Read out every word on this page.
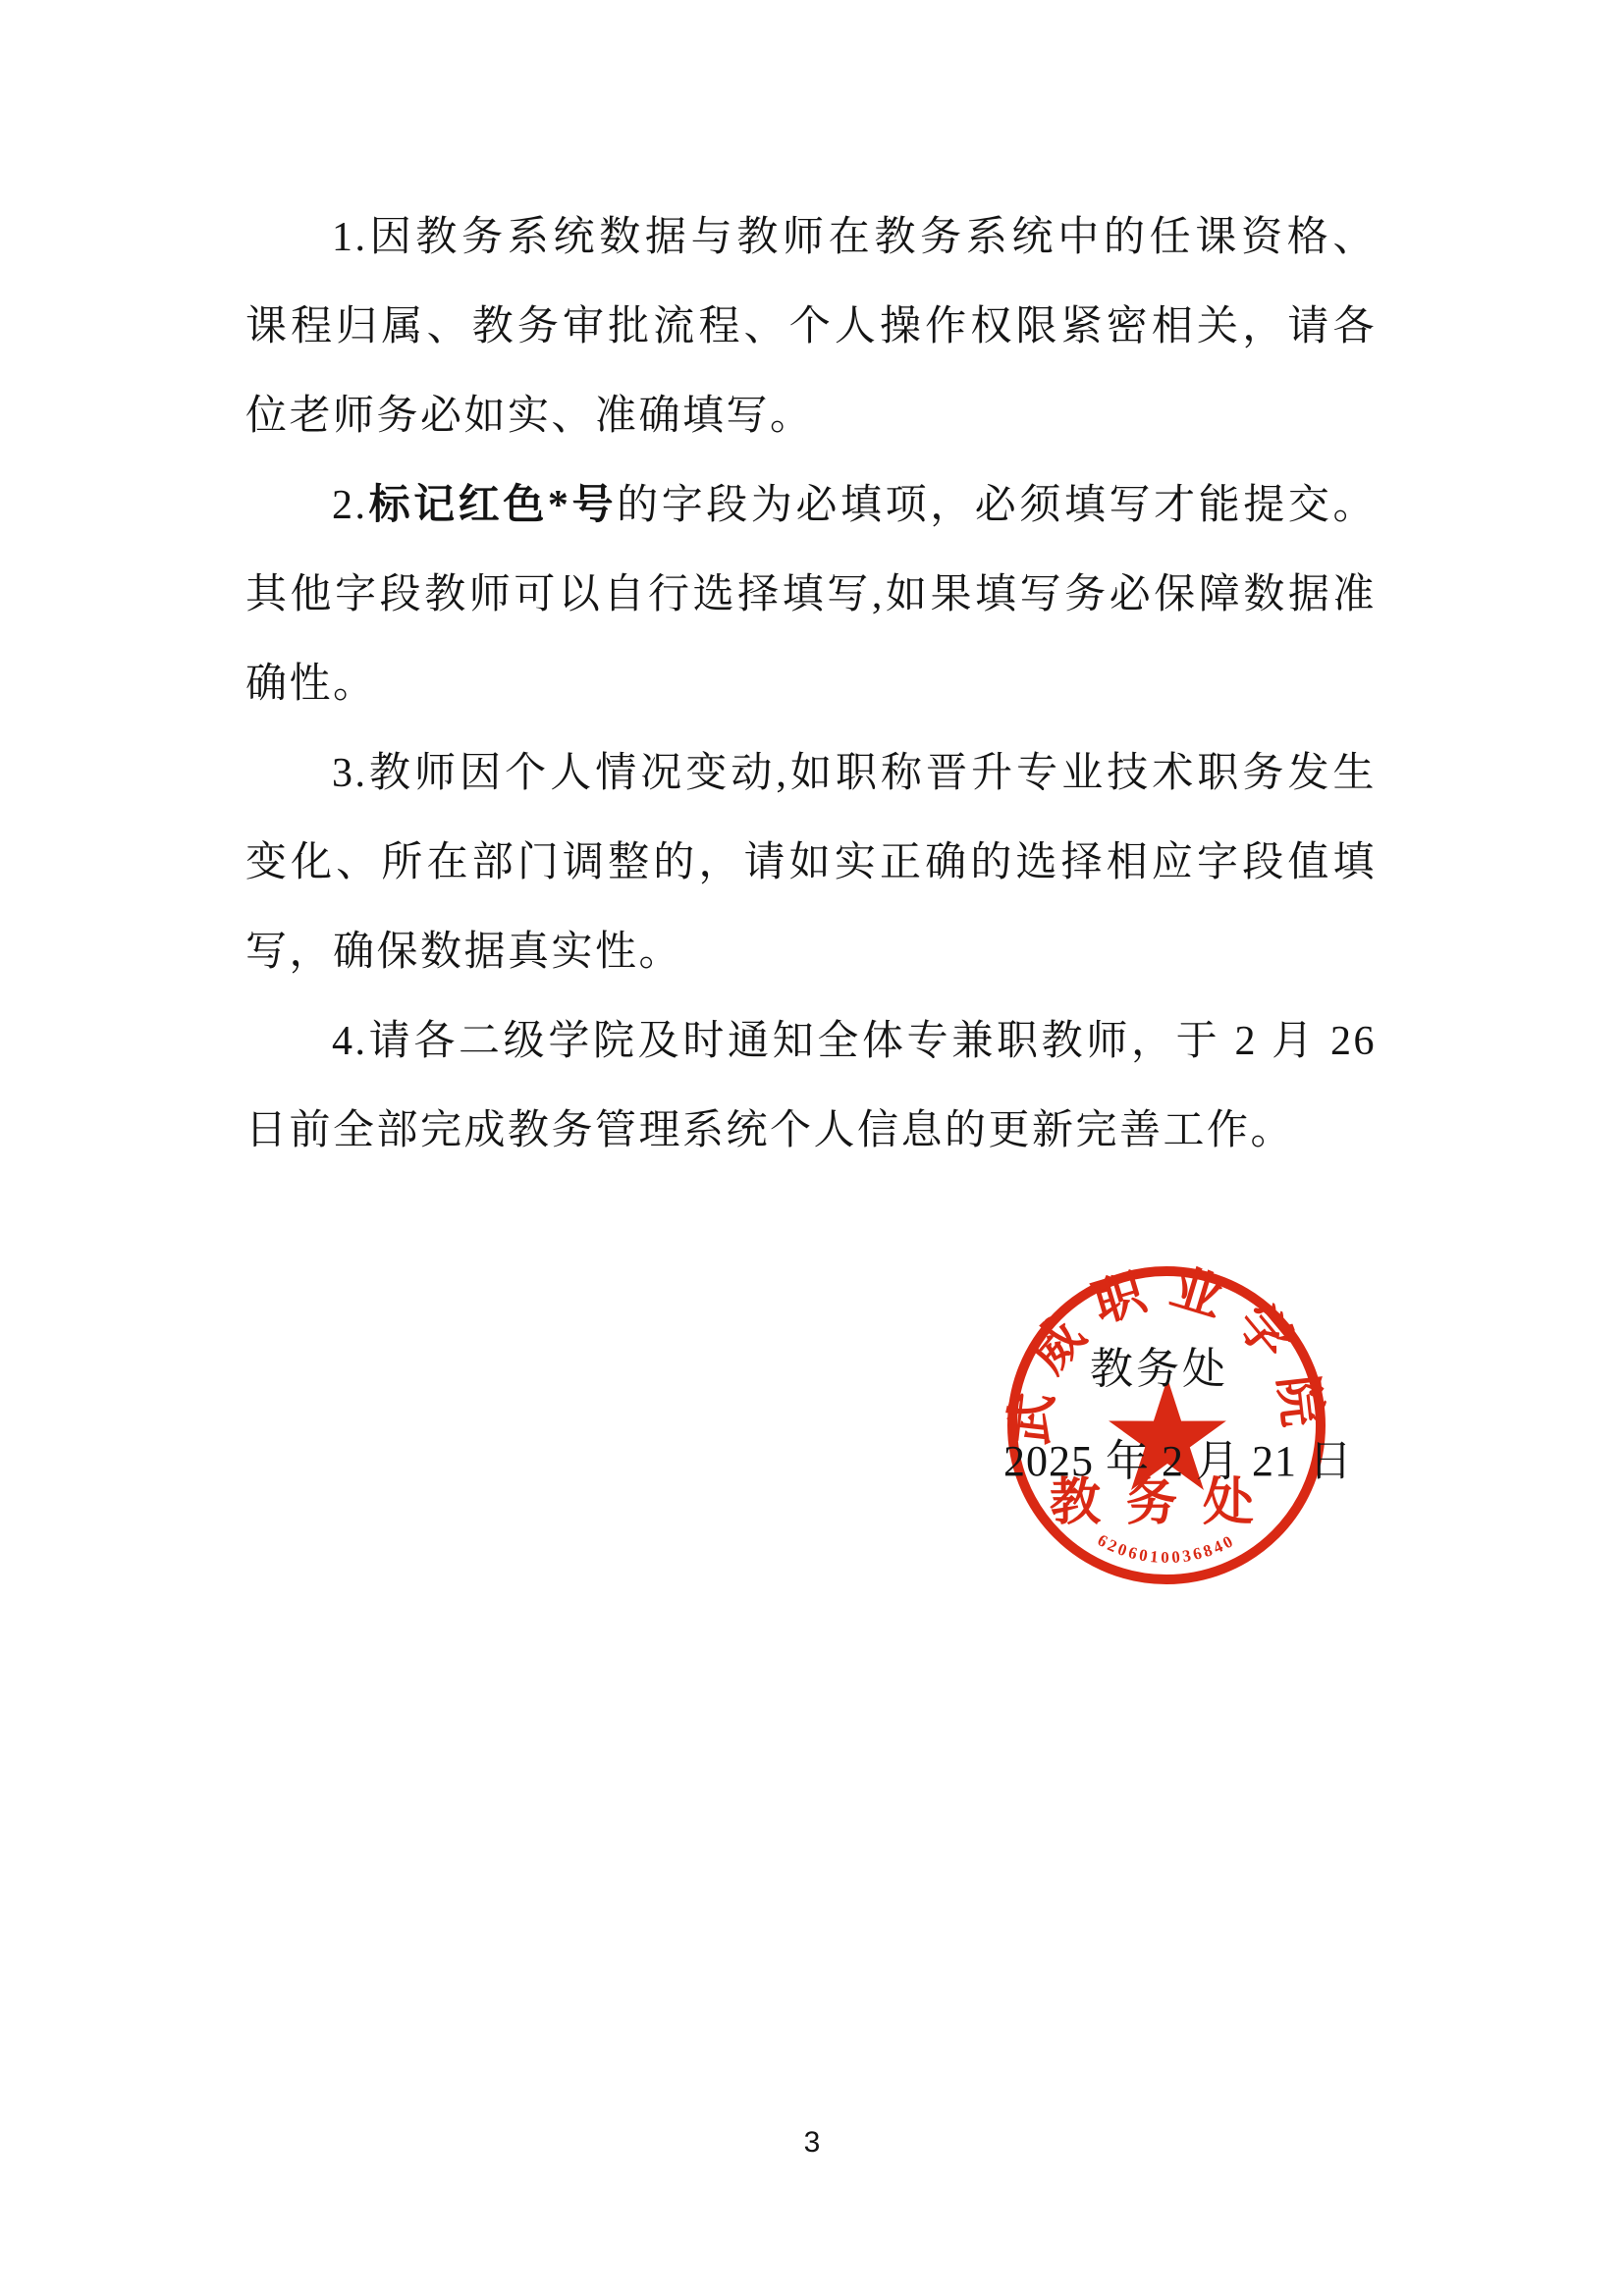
1.因教务系统数据与教师在教务系统中的任课资格、
课程归属、教务审批流程、个人操作权限紧密相关，请各
位老师务必如实、准确填写。
2.标记红色*号的字段为必填项，必须填写才能提交。
其他字段教师可以自行选择填写,如果填写务必保障数据准
确性。
3.教师因个人情况变动,如职称晋升专业技术职务发生
变化、所在部门调整的，请如实正确的选择相应字段值填
写，确保数据真实性。
4.请各二级学院及时通知全体专兼职教师，于 2 月 26
日前全部完成教务管理系统个人信息的更新完善工作。
武威职业学院
教务处
6206010036840
教务处
2025 年 2 月 21 日
3
